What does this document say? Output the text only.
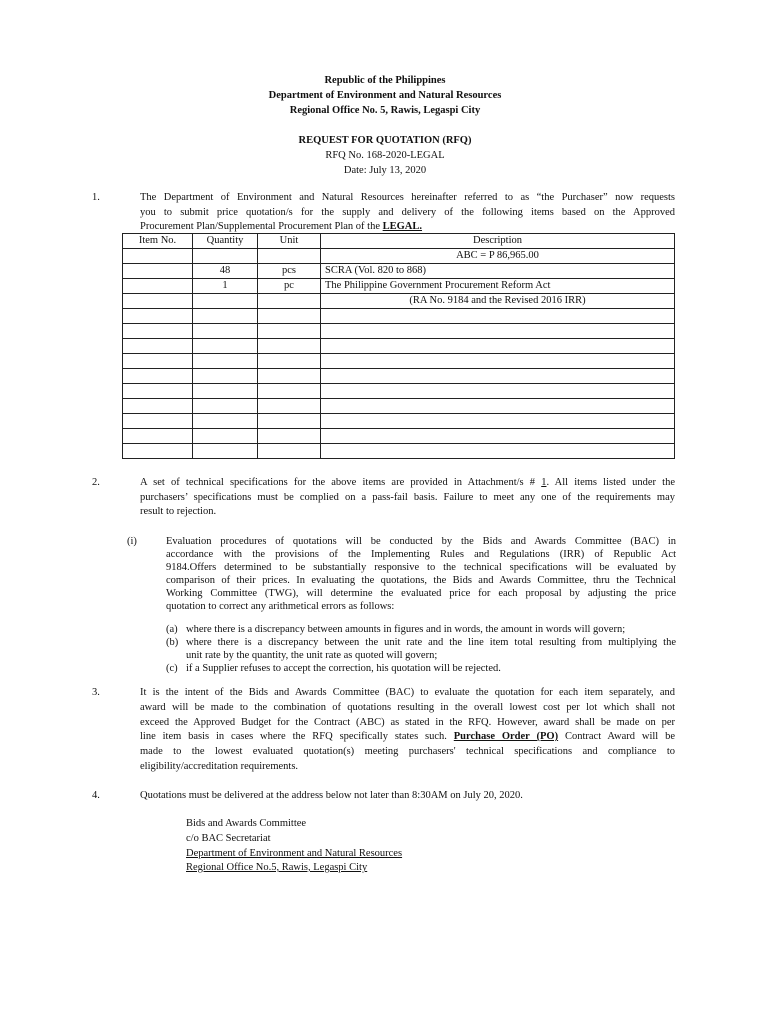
Republic of the Philippines
Department of Environment and Natural Resources
Regional Office No. 5, Rawis, Legaspi City
REQUEST FOR QUOTATION (RFQ)
RFQ No. 168-2020-LEGAL
Date: July 13, 2020
1.	The Department of Environment and Natural Resources hereinafter referred to as “the Purchaser” now requests
you to submit price quotation/s for the supply and delivery of the following items based on the Approved
Procurement Plan/Supplemental Procurement Plan of the LEGAL.
Item No.	Quantity	Unit	Description
			ABC = P 86,965.00
	48	pcs	SCRA (Vol. 820 to 868)
	1	pc	The Philippine Government Procurement Reform Act
			(RA No. 9184 and the Revised 2016 IRR)

2.	A set of technical specifications for the above items are provided in Attachment/s # 1. All items listed under the
purchasers’ specifications must be complied on a pass-fail basis. Failure to meet any one of the requirements may
result to rejection.
(i)	Evaluation procedures of quotations will be conducted by the Bids and Awards Committee (BAC) in
accordance with the provisions of the Implementing Rules and Regulations (IRR) of Republic Act
9184.Offers determined to be substantially responsive to the technical specifications will be evaluated by
comparison of their prices. In evaluating the quotations, the Bids and Awards Committee, thru the Technical
Working Committee (TWG), will determine the evaluated price for each proposal by adjusting the price
quotation to correct any arithmetical errors as follows:
(a) where there is a discrepancy between amounts in figures and in words, the amount in words will govern;
(b) where there is a discrepancy between the unit rate and the line item total resulting from multiplying the
unit rate by the quantity, the unit rate as quoted will govern;
(c) if a Supplier refuses to accept the correction, his quotation will be rejected.
3.	It is the intent of the Bids and Awards Committee (BAC) to evaluate the quotation for each item separately, and
award will be made to the combination of quotations resulting in the overall lowest cost per lot which shall not
exceed the Approved Budget for the Contract (ABC) as stated in the RFQ. However, award shall be made on per
line item basis in cases where the RFQ specifically states such. Purchase Order (PO) Contract Award will be
made to the lowest evaluated quotation(s) meeting purchasers' technical specifications and compliance to
eligibility/accreditation requirements.
4.	Quotations must be delivered at the address below not later than 8:30AM on July 20, 2020.
Bids and Awards Committee
c/o BAC Secretariat
Department of Environment and Natural Resources
Regional Office No.5, Rawis, Legaspi City
